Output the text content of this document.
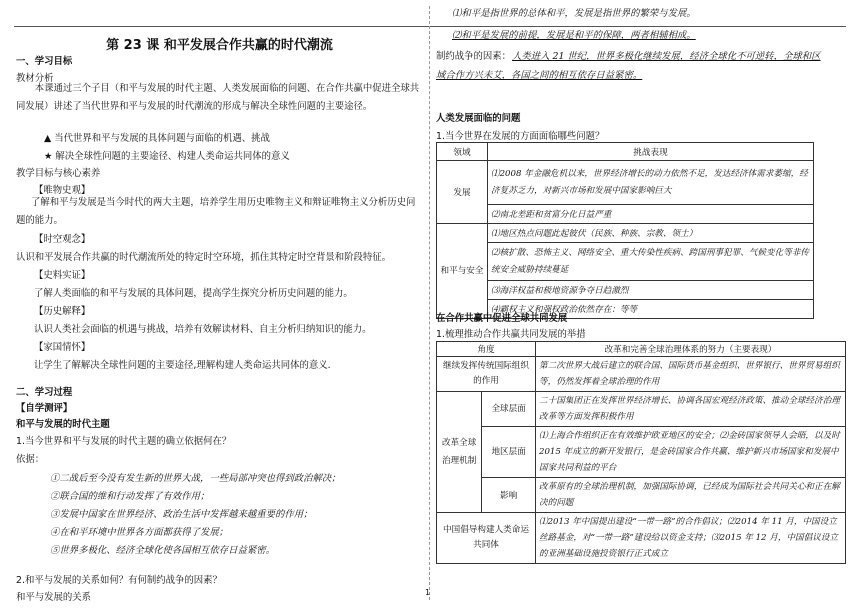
第 23 课 和平发展合作共赢的时代潮流
一、学习目标
教材分析
本课通过三个子目（和平与发展的时代主题、人类发展面临的问题、在合作共赢中促进全球共同发展）讲述了当代世界和平与发展的时代潮流的形成与解决全球性问题的主要途径。
▲ 当代世界和平与发展的具体问题与面临的机遇、挑战
★ 解决全球性问题的主要途径、构建人类命运共同体的意义
教学目标与核心素养
【唯物史观】
了解和平与发展是当今时代的两大主题，培养学生用历史唯物主义和辩证唯物主义分析历史问题的能力。
【时空观念】
认识和平发展合作共赢的时代潮流所处的特定时空环境，抓住其特定时空背景和阶段特征。
【史料实证】
了解人类面临的和平与发展的具体问题，提高学生探究分析历史问题的能力。
【历史解释】
认识人类社会面临的机遇与挑战，培养有效解读材料、自主分析归纳知识的能力。
【家国情怀】
让学生了解解决全球性问题的主要途径,理解构建人类命运共同体的意义.
二、学习过程
【自学测评】
和平与发展的时代主题
1.当今世界和平与发展的时代主题的确立依据何在？
依据：
①二战后至今没有发生新的世界大战，一些局部冲突也得到政治解决；
②联合国的维和行动发挥了有效作用；
③发展中国家在世界经济、政治生活中发挥越来越重要的作用；
④在和平环境中世界各方面都获得了发展；
⑤世界多极化、经济全球化使各国相互依存日益紧密。
2.和平与发展的关系如何？有何制约战争的因素？
和平与发展的关系
⑴和平是指世界的总体和平，发展是指世界的繁荣与发展。
⑵和平是发展的前提，发展是和平的保障，两者相辅相成。
制约战争的因素： 人类进入 21 世纪，世界多极化继续发展，经济全球化不可逆转，全球和区
域合作方兴未艾，各国之间的相互依存日益紧密。
人类发展面临的问题
1.当今世界在发展的方面面临哪些问题？
领域	挑战表现
发展	⑴2008 年金融危机以来，世界经济增长的动力依然不足，发达经济体需求萎缩，经济复苏乏力，对新兴市场和发展中国家影响巨大
	⑵南北差距和贫富分化日益严重
和平与安全	⑴地区热点问题此起彼伏（民族、种族、宗教、领土）
	⑵核扩散、恐怖主义、网络安全、重大传染性疾病、跨国刑事犯罪、气候变化等非传统安全威胁持续蔓延
	⑶海洋权益和极地资源争夺日趋激烈
	⑷霸权主义和强权政治依然存在：等等
在合作共赢中促进全球共同发展
1.梳理推动合作共赢共同发展的举措
角度		改革和完善全球治理体系的努力（主要表现）
继续发挥传统国际组织的作用		第二次世界大战后建立的联合国、国际货币基金组织、世界银行、世界贸易组织等，仍然发挥着全球治理的作用
改革全球治理机制	全球层面	二十国集团正在发挥世界经济增长、协调各国宏观经济政策、推动全球经济治理改革等方面发挥积极作用
	地区层面	⑴上海合作组织正在有效维护欧亚地区的安全；⑵金砖国家领导人会晤，以及时 2015 年成立的新开发银行，是金砖国家合作共赢、维护新兴市场国家和发展中国家共同利益的平台
	影响	改革原有的全球治理机制，加强国际协调，已经成为国际社会共同关心和正在解决的问题
中国倡导构建人类命运共同体		⑴2013 年中国提出建设“一带一路”的合作倡议；⑵2014 年 11 月，中国设立丝路基金，对“一带一路”建设给以资金支持；⑶2015 年 12 月，中国倡议设立的亚洲基础设施投资银行正式成立
1
